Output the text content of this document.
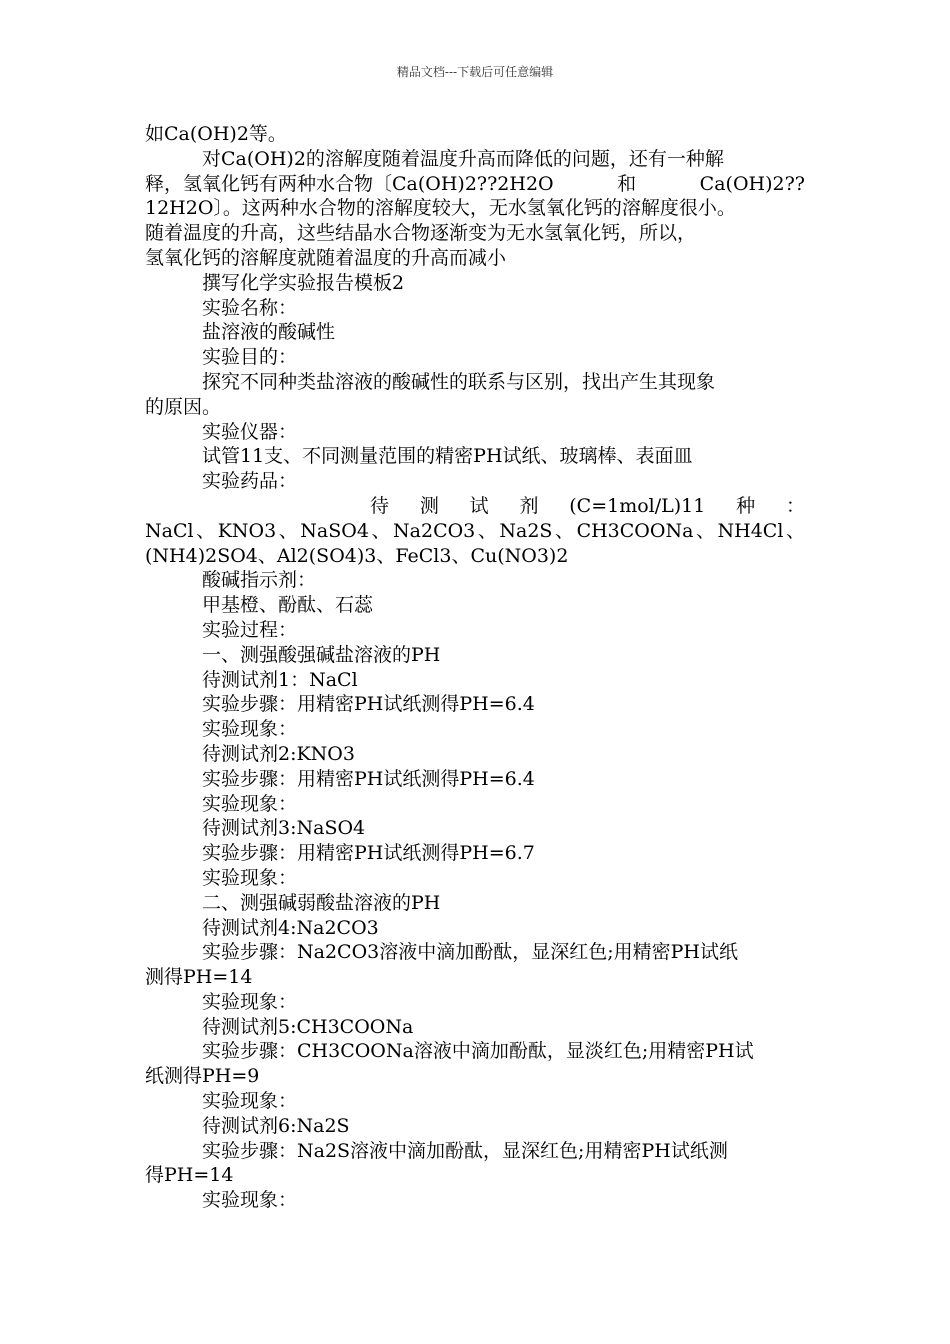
精品文档---下载后可任意编辑
如Ca(OH)2等。
对Ca(OH)2的溶解度随着温度升高而降低的问题，还有一种解
释，氢氧化钙有两种水合物〔Ca(OH)2??2H2O	和	Ca(OH)2??
12H2O〕。这两种水合物的溶解度较大，无水氢氧化钙的溶解度很小。
随着温度的升高，这些结晶水合物逐渐变为无水氢氧化钙，所以，
氢氧化钙的溶解度就随着温度的升高而减小
撰写化学实验报告模板2
实验名称：
盐溶液的酸碱性
实验目的：
探究不同种类盐溶液的酸碱性的联系与区别，找出产生其现象
的原因。
实验仪器：
试管11支、不同测量范围的精密PH试纸、玻璃棒、表面皿
实验药品：
待 测 试 剂 (C=1mol/L)11 种 ：
NaCl 、 KNO3 、 NaSO4 、 Na2CO3 、 Na2S 、 CH3COONa 、 NH4Cl 、
(NH4)2SO4、Al2(SO4)3、FeCl3、Cu(NO3)2
酸碱指示剂：
甲基橙、酚酞、石蕊
实验过程：
一、测强酸强碱盐溶液的PH
待测试剂1：NaCl
实验步骤：用精密PH试纸测得PH=6.4
实验现象：
待测试剂2:KNO3
实验步骤：用精密PH试纸测得PH=6.4
实验现象：
待测试剂3:NaSO4
实验步骤：用精密PH试纸测得PH=6.7
实验现象：
二、测强碱弱酸盐溶液的PH
待测试剂4:Na2CO3
实验步骤：Na2CO3溶液中滴加酚酞，显深红色;用精密PH试纸
测得PH=14
实验现象：
待测试剂5:CH3COONa
实验步骤：CH3COONa溶液中滴加酚酞，显淡红色;用精密PH试
纸测得PH=9
实验现象：
待测试剂6:Na2S
实验步骤：Na2S溶液中滴加酚酞，显深红色;用精密PH试纸测
得PH=14
实验现象：
